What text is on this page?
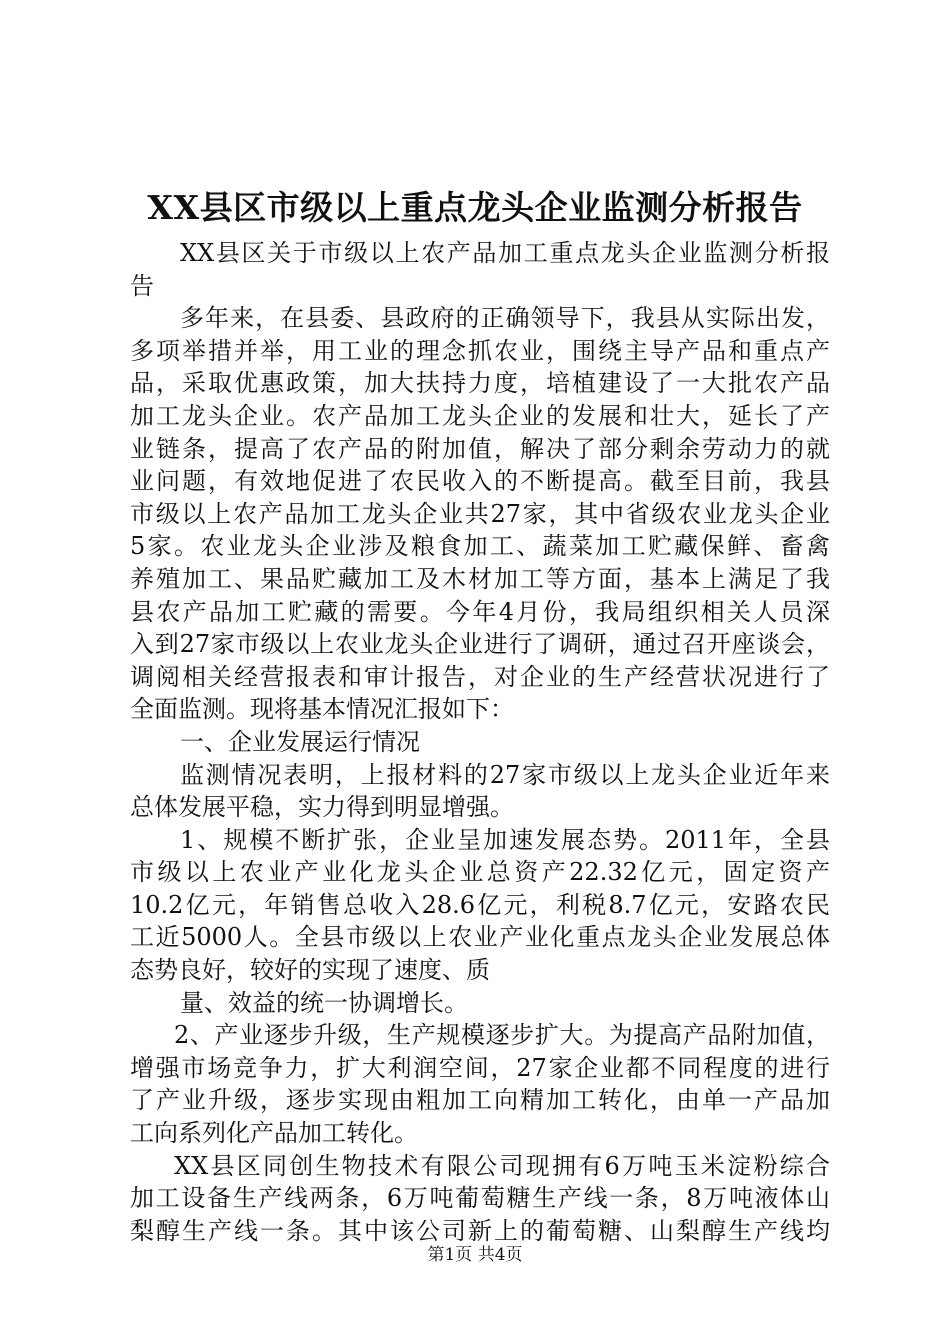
XX县区市级以上重点龙头企业监测分析报告
XX县区关于市级以上农产品加工重点龙头企业监测分析报
告
多年来，在县委、县政府的正确领导下，我县从实际出发，
多项举措并举，用工业的理念抓农业，围绕主导产品和重点产
品，采取优惠政策，加大扶持力度，培植建设了一大批农产品
加工龙头企业。农产品加工龙头企业的发展和壮大，延长了产
业链条，提高了农产品的附加值，解决了部分剩余劳动力的就
业问题，有效地促进了农民收入的不断提高。截至目前，我县
市级以上农产品加工龙头企业共27家，其中省级农业龙头企业
5家。农业龙头企业涉及粮食加工、蔬菜加工贮藏保鲜、畜禽
养殖加工、果品贮藏加工及木材加工等方面，基本上满足了我
县农产品加工贮藏的需要。今年4月份，我局组织相关人员深
入到27家市级以上农业龙头企业进行了调研，通过召开座谈会，
调阅相关经营报表和审计报告，对企业的生产经营状况进行了
全面监测。现将基本情况汇报如下：
一、企业发展运行情况
监测情况表明，上报材料的27家市级以上龙头企业近年来
总体发展平稳，实力得到明显增强。
1、规模不断扩张，企业呈加速发展态势。2011年，全县
市级以上农业产业化龙头企业总资产22.32亿元，固定资产
10.2亿元，年销售总收入28.6亿元，利税8.7亿元，安路农民
工近5000人。全县市级以上农业产业化重点龙头企业发展总体
态势良好，较好的实现了速度、质
量、效益的统一协调增长。
2、产业逐步升级，生产规模逐步扩大。为提高产品附加值，
增强市场竞争力，扩大利润空间，27家企业都不同程度的进行
了产业升级，逐步实现由粗加工向精加工转化，由单一产品加
工向系列化产品加工转化。
XX县区同创生物技术有限公司现拥有6万吨玉米淀粉综合
加工设备生产线两条，6万吨葡萄糖生产线一条，8万吨液体山
梨醇生产线一条。其中该公司新上的葡萄糖、山梨醇生产线均
第1页 共4页
